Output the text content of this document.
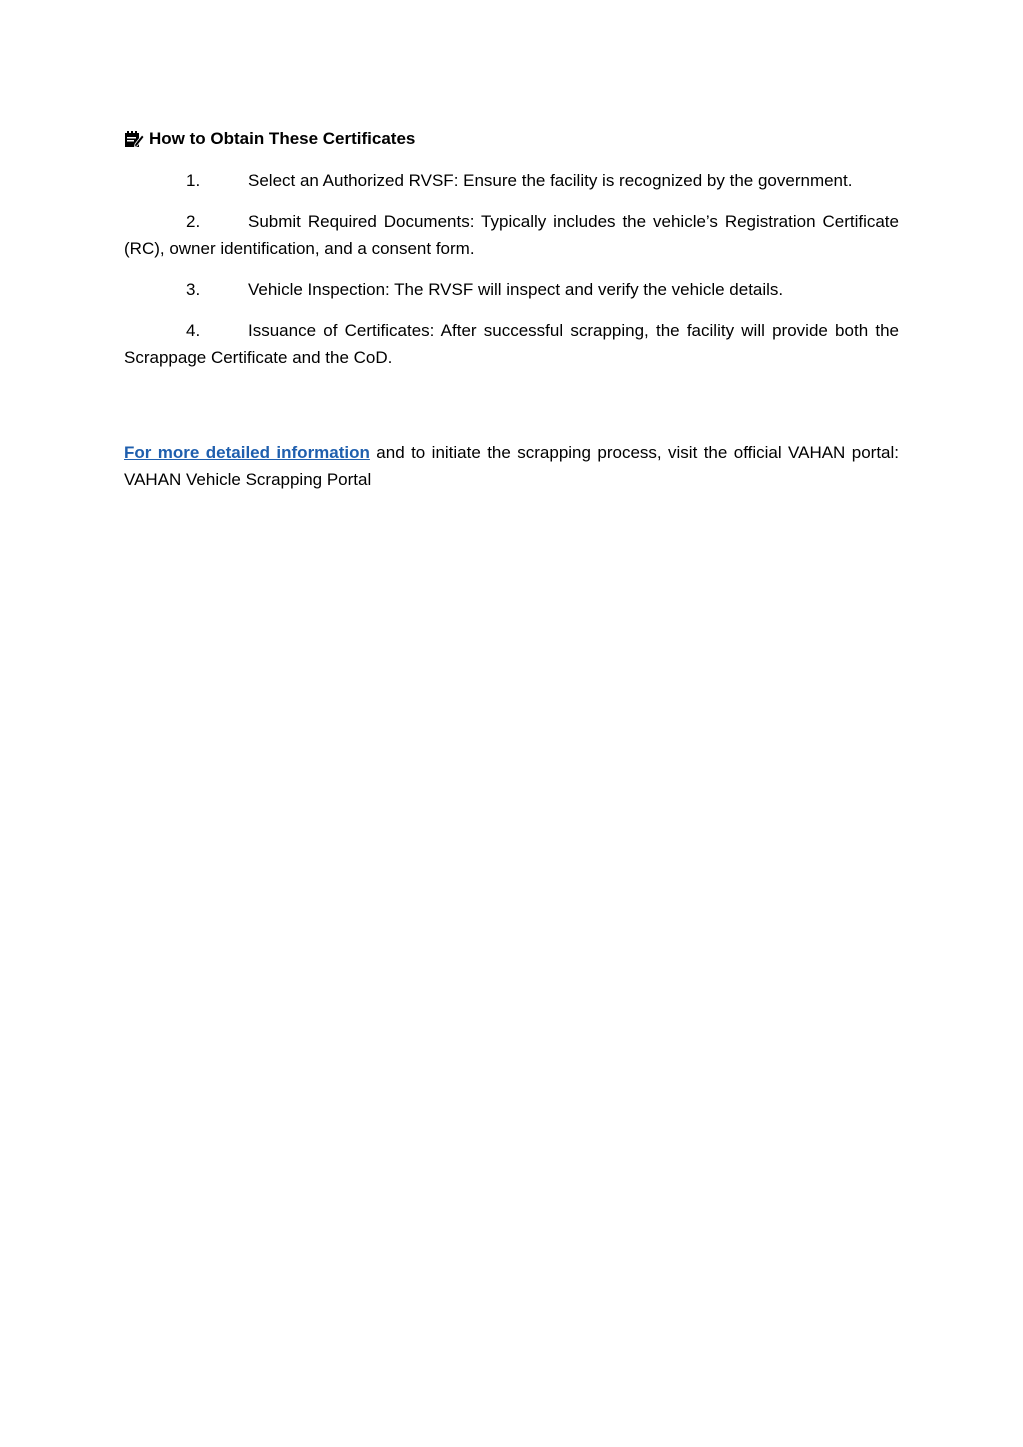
How to Obtain These Certificates

1.	Select an Authorized RVSF: Ensure the facility is recognized by the government.

2.	Submit Required Documents: Typically includes the vehicle’s Registration Certificate (RC), owner identification, and a consent form.

3.	Vehicle Inspection: The RVSF will inspect and verify the vehicle details.

4.	Issuance of Certificates: After successful scrapping, the facility will provide both the Scrappage Certificate and the CoD.

For more detailed information and to initiate the scrapping process, visit the official VAHAN portal: VAHAN Vehicle Scrapping Portal
